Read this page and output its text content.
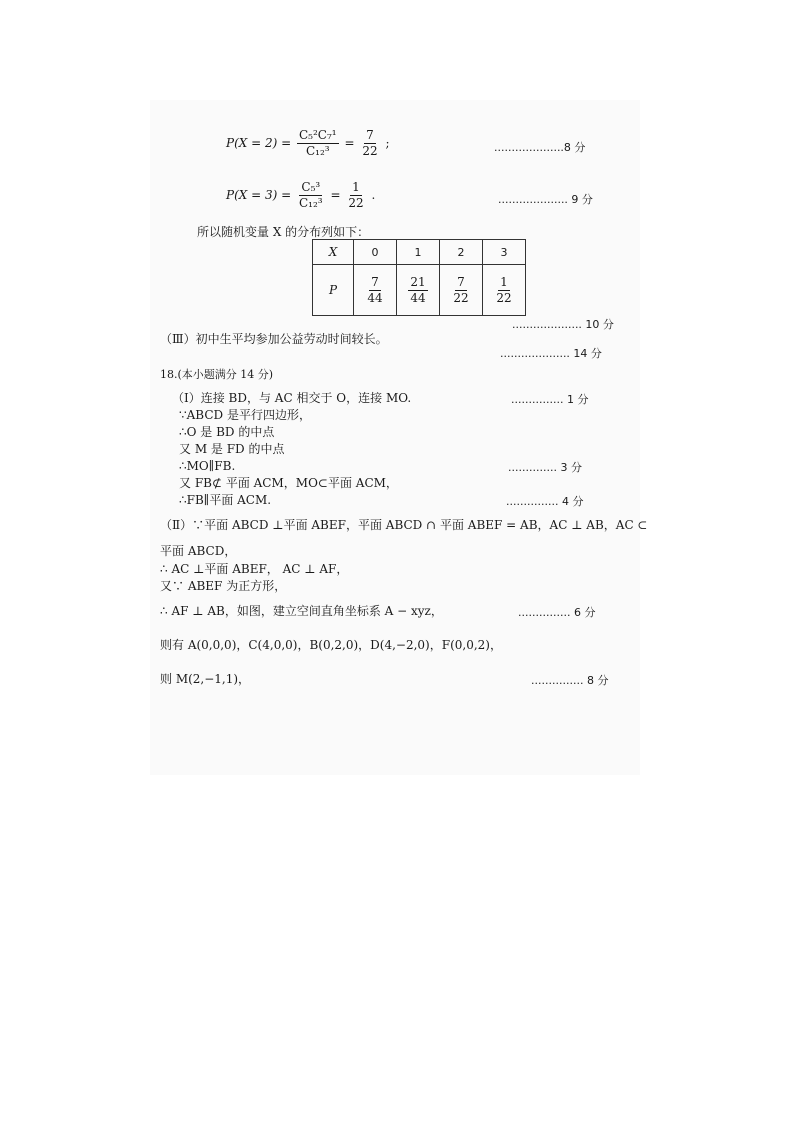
$P(X = 2) = \frac{\text{C₅²C₇¹}}{\text{C₁₂³}} = \frac{7}{22}$ ;	....................8 分
$P(X = 3) = \frac{\text{C₅³}}{\text{C₁₂³}} = \frac{1}{22}$ .	.................... 9 分
所以随机变量 X 的分布列如下：
X	0	1	2	3
P	$\frac{7}{44}$	$\frac{21}{44}$	$\frac{7}{22}$	$\frac{1}{22}$
.................... 10 分
（Ⅲ）初中生平均参加公益劳动时间较长。
.................... 14 分
18.(本小题满分 14 分)
（Ⅰ）连接 BD，与 AC 相交于 O，连接 MO.	............... 1 分
∵ABCD 是平行四边形，
∴O 是 BD 的中点
又 M 是 FD 的中点
∴MO∥FB.	.............. 3 分
又 FB⊄ 平面 ACM，MO⊂平面 ACM，
∴FB∥平面 ACM.	............... 4 分
（Ⅱ）∵平面 ABCD ⊥平面 ABEF，平面 ABCD ∩ 平面 ABEF = AB，AC ⊥ AB，AC ⊂
平面 ABCD，
∴ AC ⊥平面 ABEF， AC ⊥ AF，
又∵ ABEF 为正方形，
∴ AF ⊥ AB，如图，建立空间直角坐标系 A − xyz，	............... 6 分
则有 A(0,0,0)，C(4,0,0)，B(0,2,0)，D(4,−2,0)，F(0,0,2)，
则 M(2,−1,1)，	............... 8 分
